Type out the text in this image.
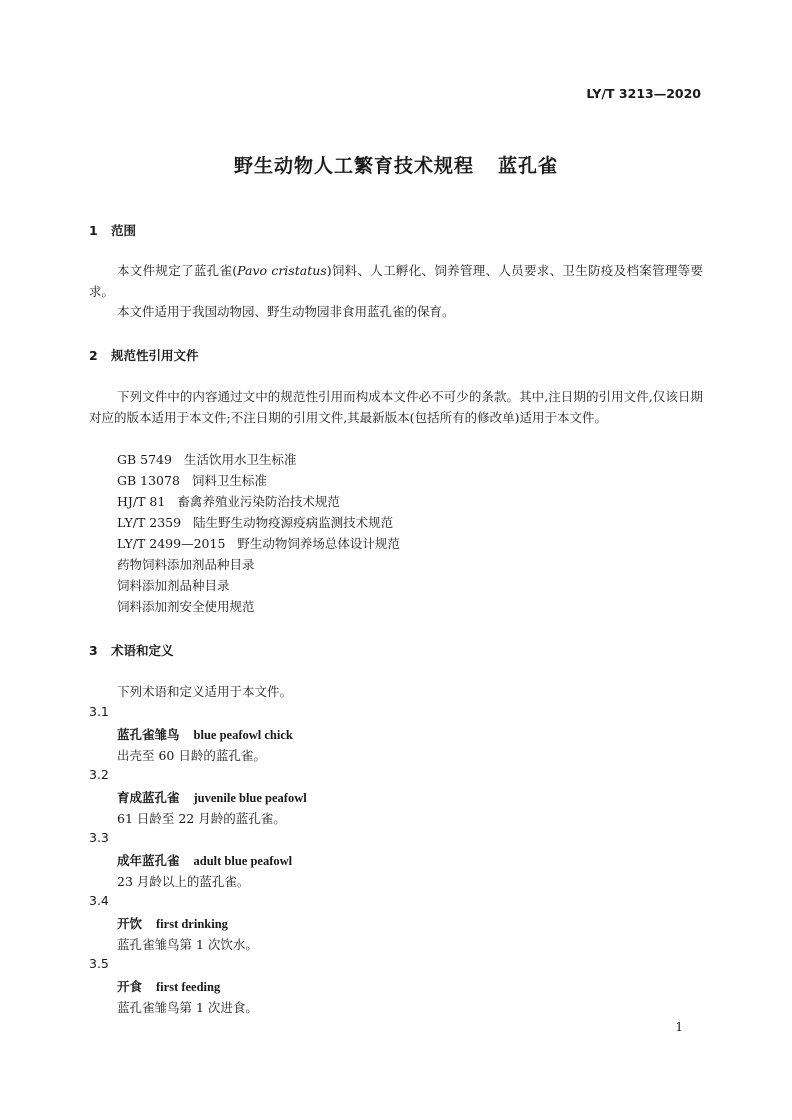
LY/T 3213—2020
野生动物人工繁育技术规程 蓝孔雀
1 范围
本文件规定了蓝孔雀(Pavo cristatus)饲料、人工孵化、饲养管理、人员要求、卫生防疫及档案管理等要求。
本文件适用于我国动物园、野生动物园非食用蓝孔雀的保育。
2 规范性引用文件
下列文件中的内容通过文中的规范性引用而构成本文件必不可少的条款。其中,注日期的引用文件,仅该日期对应的版本适用于本文件;不注日期的引用文件,其最新版本(包括所有的修改单)适用于本文件。
GB 5749 生活饮用水卫生标准
GB 13078 饲料卫生标准
HJ/T 81 畜禽养殖业污染防治技术规范
LY/T 2359 陆生野生动物疫源疫病监测技术规范
LY/T 2499—2015 野生动物饲养场总体设计规范
药物饲料添加剂品种目录
饲料添加剂品种目录
饲料添加剂安全使用规范
3 术语和定义
下列术语和定义适用于本文件。
3.1
蓝孔雀雏鸟 blue peafowl chick
出壳至 60 日龄的蓝孔雀。
3.2
育成蓝孔雀 juvenile blue peafowl
61 日龄至 22 月龄的蓝孔雀。
3.3
成年蓝孔雀 adult blue peafowl
23 月龄以上的蓝孔雀。
3.4
开饮 first drinking
蓝孔雀雏鸟第 1 次饮水。
3.5
开食 first feeding
蓝孔雀雏鸟第 1 次进食。
1
